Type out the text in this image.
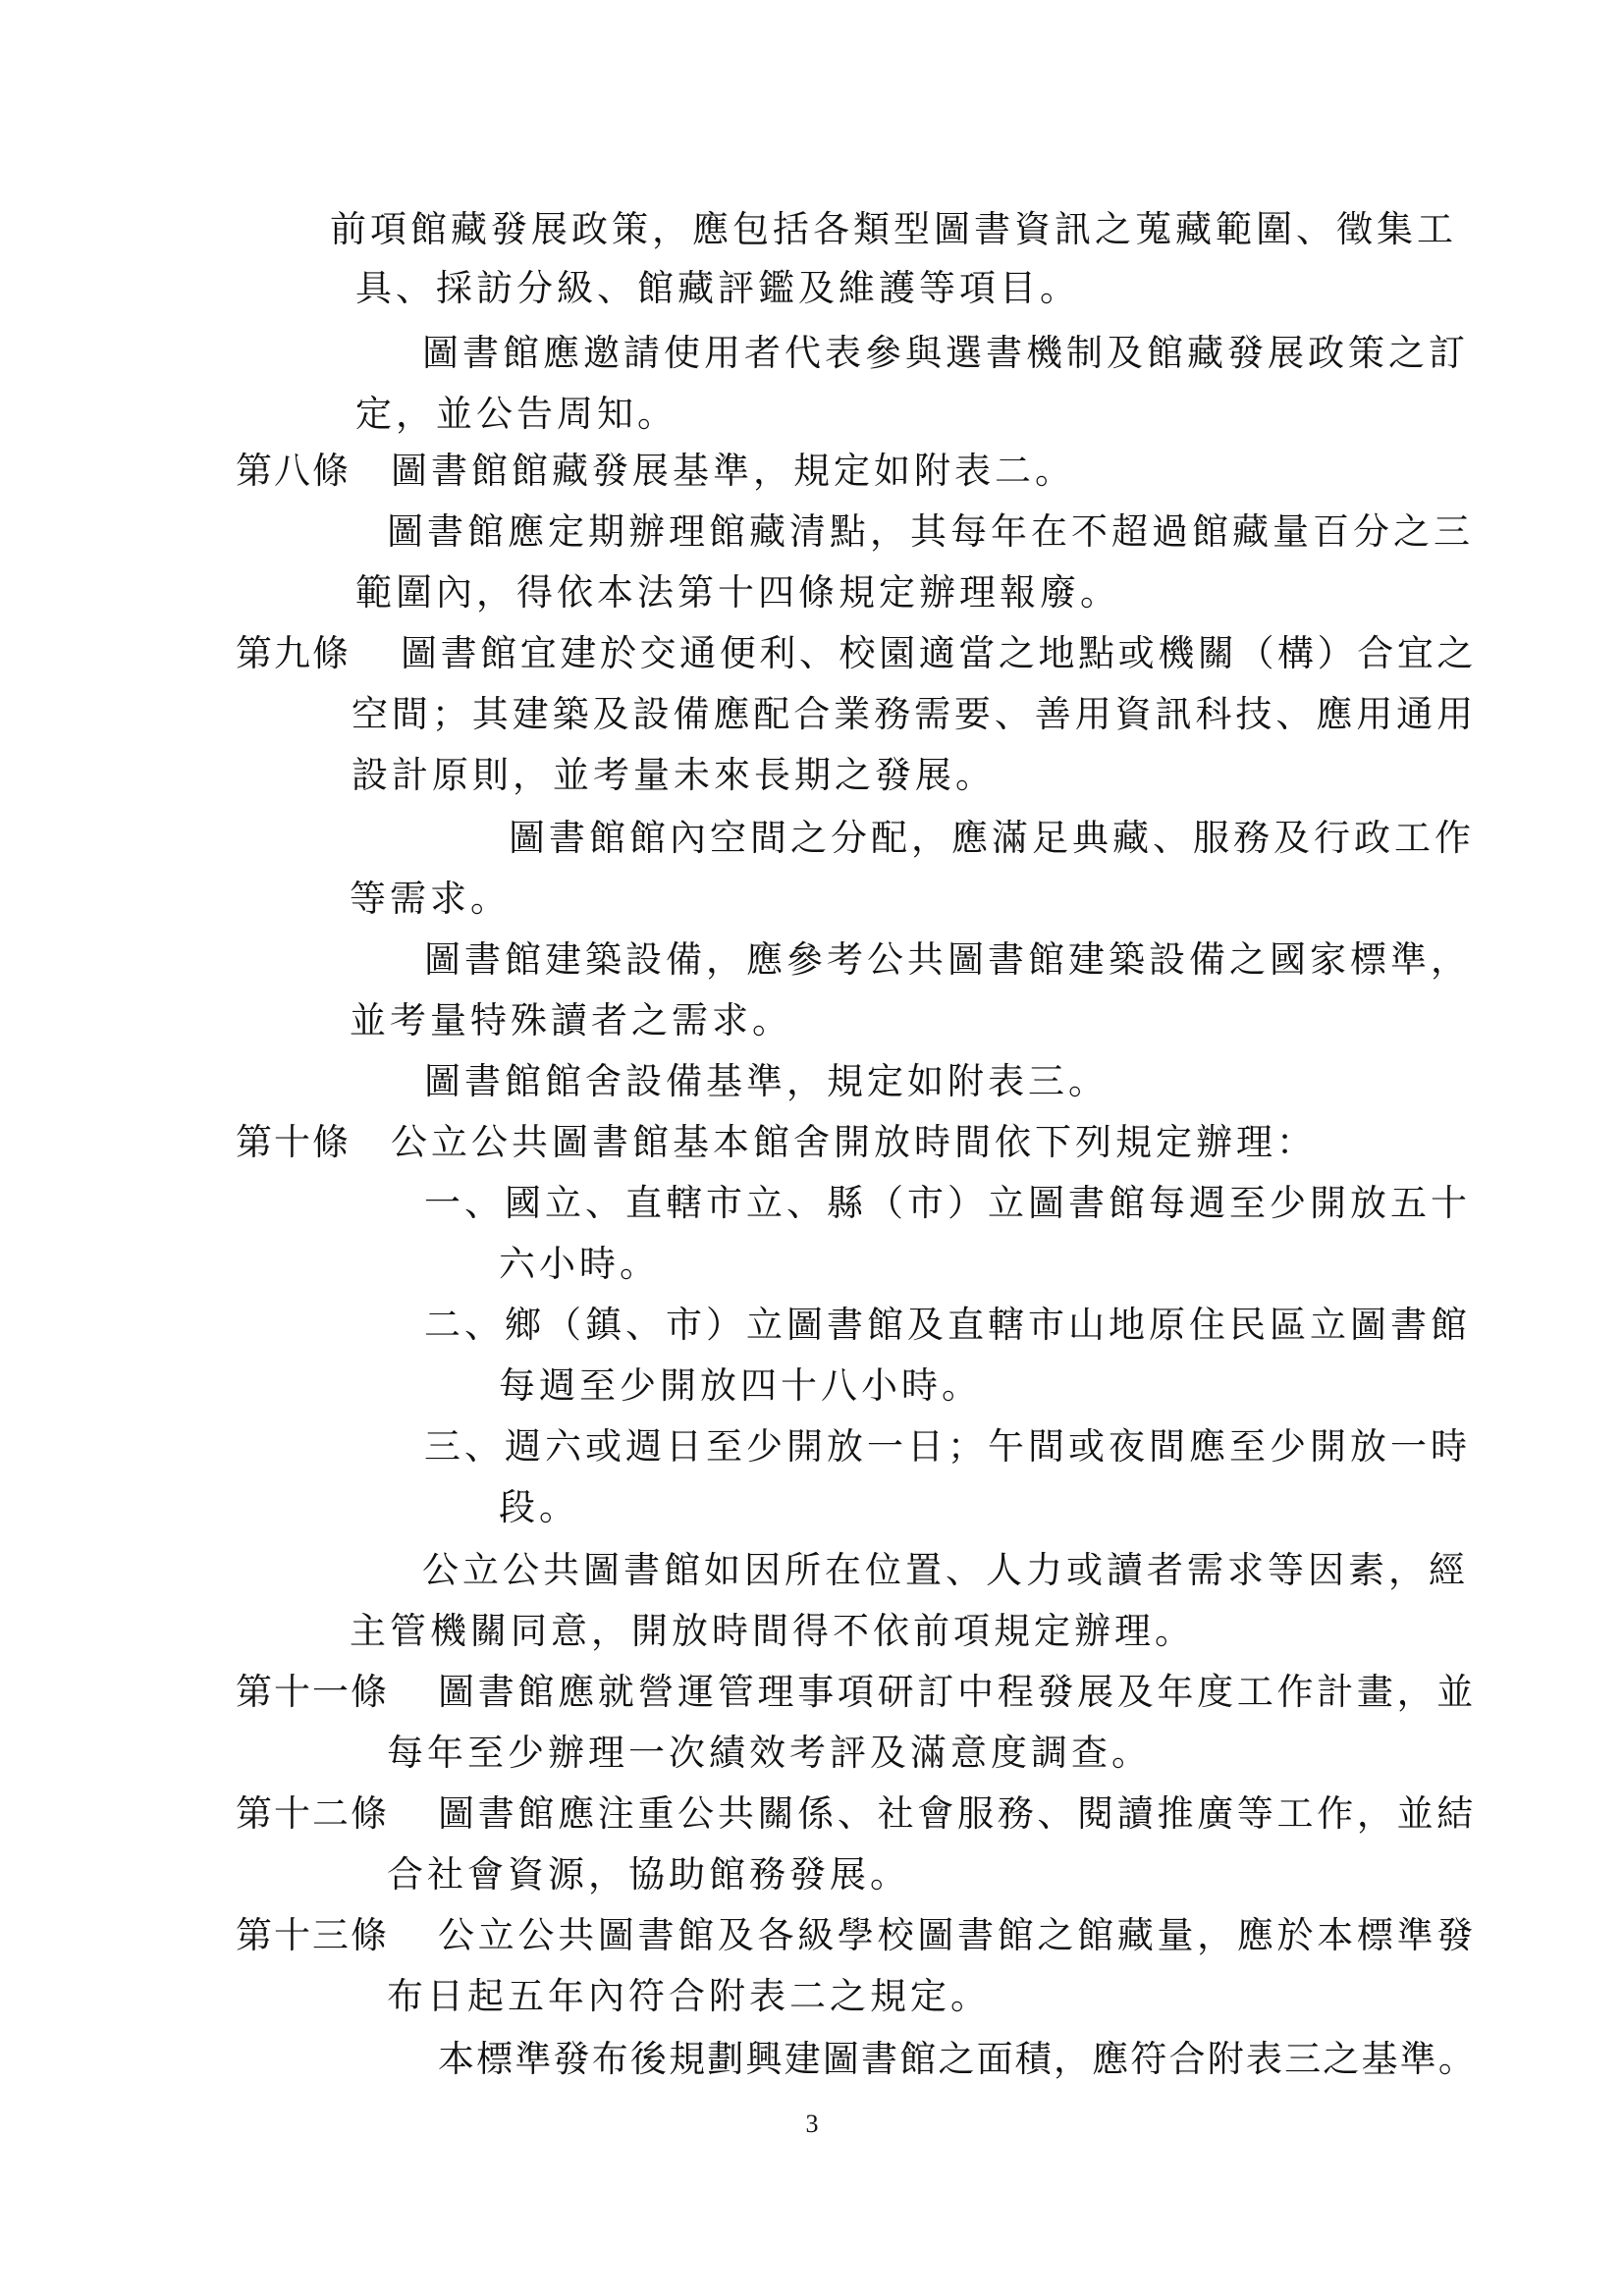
前項館藏發展政策，應包括各類型圖書資訊之蒐藏範圍、徵集工
具、採訪分級、館藏評鑑及維護等項目。
圖書館應邀請使用者代表參與選書機制及館藏發展政策之訂
定，並公告周知。
第八條 圖書館館藏發展基準，規定如附表二。
圖書館應定期辦理館藏清點，其每年在不超過館藏量百分之三
範圍內，得依本法第十四條規定辦理報廢。
第九條 圖書館宜建於交通便利、校園適當之地點或機關（構）合宜之
空間；其建築及設備應配合業務需要、善用資訊科技、應用通用
設計原則，並考量未來長期之發展。
圖書館館內空間之分配，應滿足典藏、服務及行政工作
等需求。
圖書館建築設備，應參考公共圖書館建築設備之國家標準，
並考量特殊讀者之需求。
圖書館館舍設備基準，規定如附表三。
第十條 公立公共圖書館基本館舍開放時間依下列規定辦理：
一、國立、直轄市立、縣（市）立圖書館每週至少開放五十
六小時。
二、鄉（鎮、市）立圖書館及直轄市山地原住民區立圖書館
每週至少開放四十八小時。
三、週六或週日至少開放一日；午間或夜間應至少開放一時
段。
公立公共圖書館如因所在位置、人力或讀者需求等因素，經
主管機關同意，開放時間得不依前項規定辦理。
第十一條 圖書館應就營運管理事項研訂中程發展及年度工作計畫，並
每年至少辦理一次績效考評及滿意度調查。
第十二條 圖書館應注重公共關係、社會服務、閱讀推廣等工作，並結
合社會資源，協助館務發展。
第十三條 公立公共圖書館及各級學校圖書館之館藏量，應於本標準發
布日起五年內符合附表二之規定。
本標準發布後規劃興建圖書館之面積，應符合附表三之基準。
3
